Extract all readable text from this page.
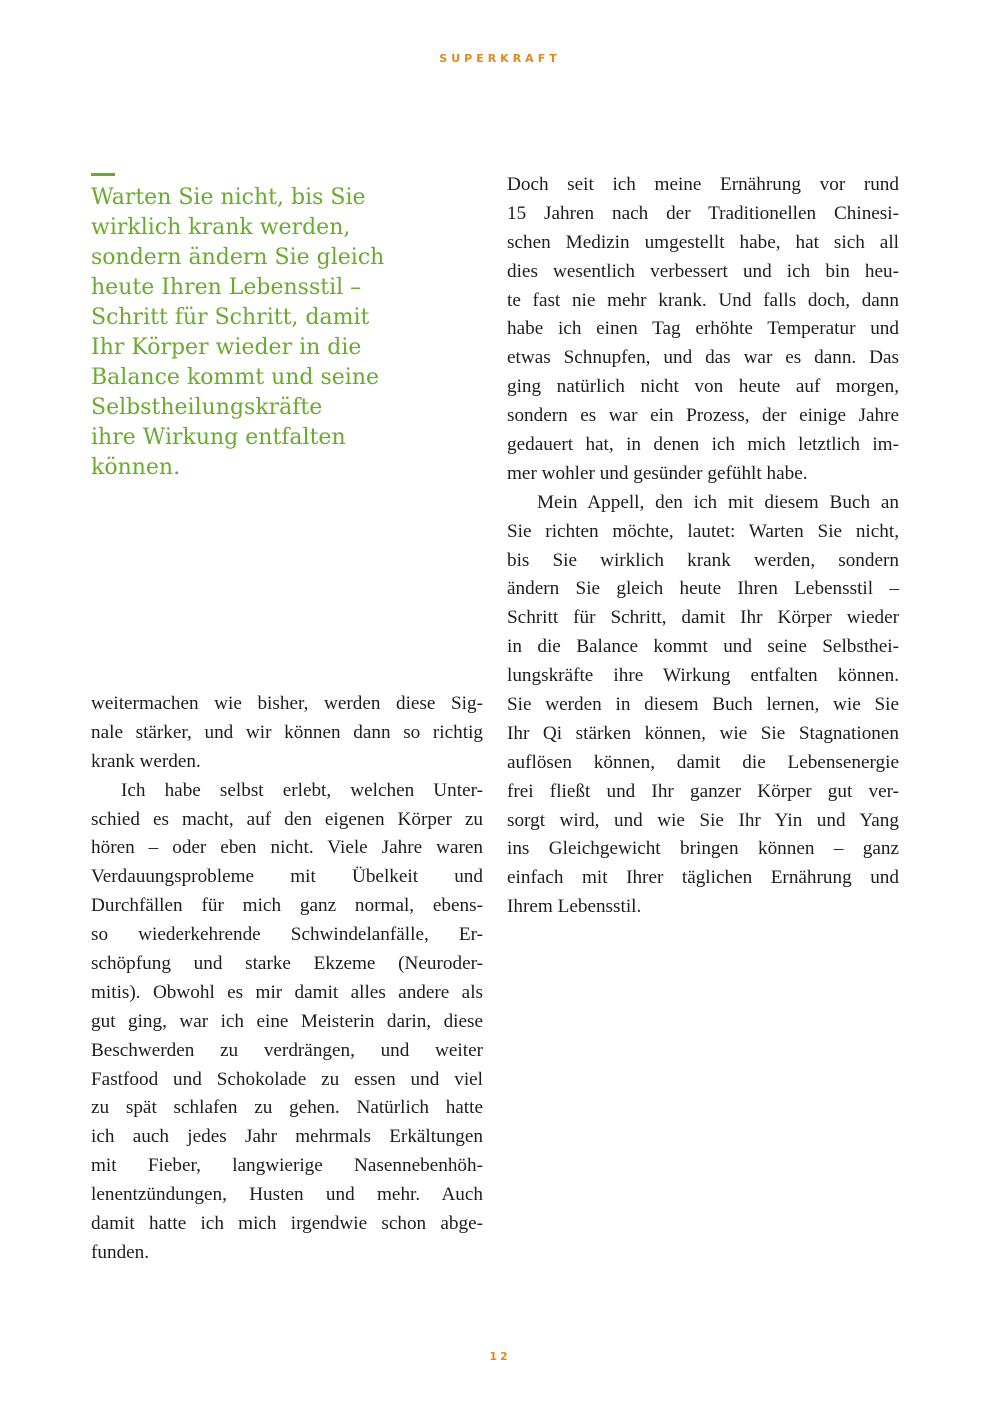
SUPERKRAFT
Warten Sie nicht, bis Sie
wirklich krank werden,
sondern ändern Sie gleich
heute Ihren Lebensstil –
Schritt für Schritt, damit
Ihr Körper wieder in die
Balance kommt und seine
Selbstheilungskräfte
ihre Wirkung entfalten
können.
weitermachen wie bisher, werden diese Sig-
nale stärker, und wir können dann so richtig
krank werden.
Ich habe selbst erlebt, welchen Unter-
schied es macht, auf den eigenen Körper zu
hören – oder eben nicht. Viele Jahre waren
Verdauungsprobleme mit Übelkeit und
Durchfällen für mich ganz normal, ebens-
so wiederkehrende Schwindelanfälle, Er-
schöpfung und starke Ekzeme (Neuroder-
mitis). Obwohl es mir damit alles andere als
gut ging, war ich eine Meisterin darin, diese
Beschwerden zu verdrängen, und weiter
Fastfood und Schokolade zu essen und viel
zu spät schlafen zu gehen. Natürlich hatte
ich auch jedes Jahr mehrmals Erkältungen
mit Fieber, langwierige Nasennebenhöh-
lenentzündungen, Husten und mehr. Auch
damit hatte ich mich irgendwie schon abge-
funden.
Doch seit ich meine Ernährung vor rund
15 Jahren nach der Traditionellen Chinesi-
schen Medizin umgestellt habe, hat sich all
dies wesentlich verbessert und ich bin heu-
te fast nie mehr krank. Und falls doch, dann
habe ich einen Tag erhöhte Temperatur und
etwas Schnupfen, und das war es dann. Das
ging natürlich nicht von heute auf morgen,
sondern es war ein Prozess, der einige Jahre
gedauert hat, in denen ich mich letztlich im-
mer wohler und gesünder gefühlt habe.
Mein Appell, den ich mit diesem Buch an
Sie richten möchte, lautet: Warten Sie nicht,
bis Sie wirklich krank werden, sondern
ändern Sie gleich heute Ihren Lebensstil –
Schritt für Schritt, damit Ihr Körper wieder
in die Balance kommt und seine Selbsthei-
lungskräfte ihre Wirkung entfalten können.
Sie werden in diesem Buch lernen, wie Sie
Ihr Qi stärken können, wie Sie Stagnationen
auflösen können, damit die Lebensenergie
frei fließt und Ihr ganzer Körper gut ver-
sorgt wird, und wie Sie Ihr Yin und Yang
ins Gleichgewicht bringen können – ganz
einfach mit Ihrer täglichen Ernährung und
Ihrem Lebensstil.
12
